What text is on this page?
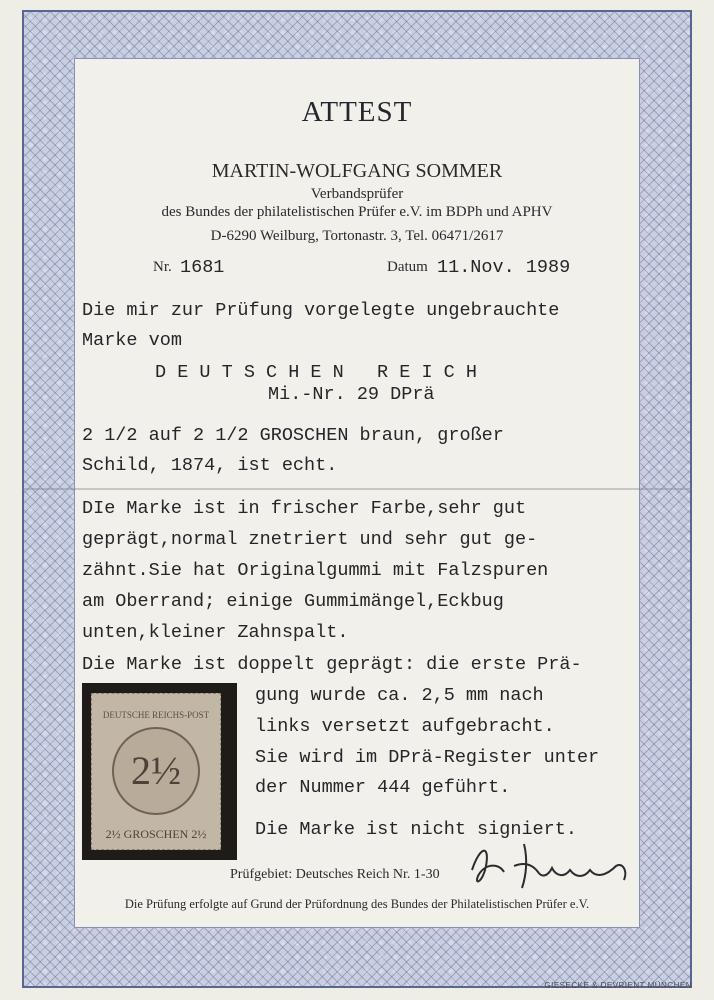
ATTEST
MARTIN-WOLFGANG SOMMER
Verbandsprüfer
des Bundes der philatelistischen Prüfer e.V. im BDPh und APHV
D-6290 Weilburg, Tortonastr. 3, Tel. 06471/2617
Nr. 1681	Datum 11.Nov. 1989
Die mir zur Prüfung vorgelegte ungebrauchte
Marke vom
D E U T S C H E N   R E I C H
Mi.-Nr. 29 DPrä
2 1/2 auf 2 1/2 GROSCHEN braun, großer
Schild, 1874, ist echt.
DIe Marke ist in frischer Farbe,sehr gut
geprägt,normal znetriert und sehr gut ge-
zähnt.Sie hat Originalgummi mit Falzspuren
am Oberrand; einige Gummimängel,Eckbug
unten,kleiner Zahnspalt.
Die Marke ist doppelt geprägt: die erste Prä-
gung wurde ca. 2,5 mm nach
links versetzt aufgebracht.
Sie wird im DPrä-Register unter
der Nummer 444 geführt.
Die Marke ist nicht signiert.
DEUTSCHE REICHS-POST
2½
2½ GROSCHEN 2½
Prüfgebiet: Deutsches Reich Nr. 1-30
Die Prüfung erfolgte auf Grund der Prüfordnung des Bundes der Philatelistischen Prüfer e.V.
GIESECKE & DEVRIENT MÜNCHEN
